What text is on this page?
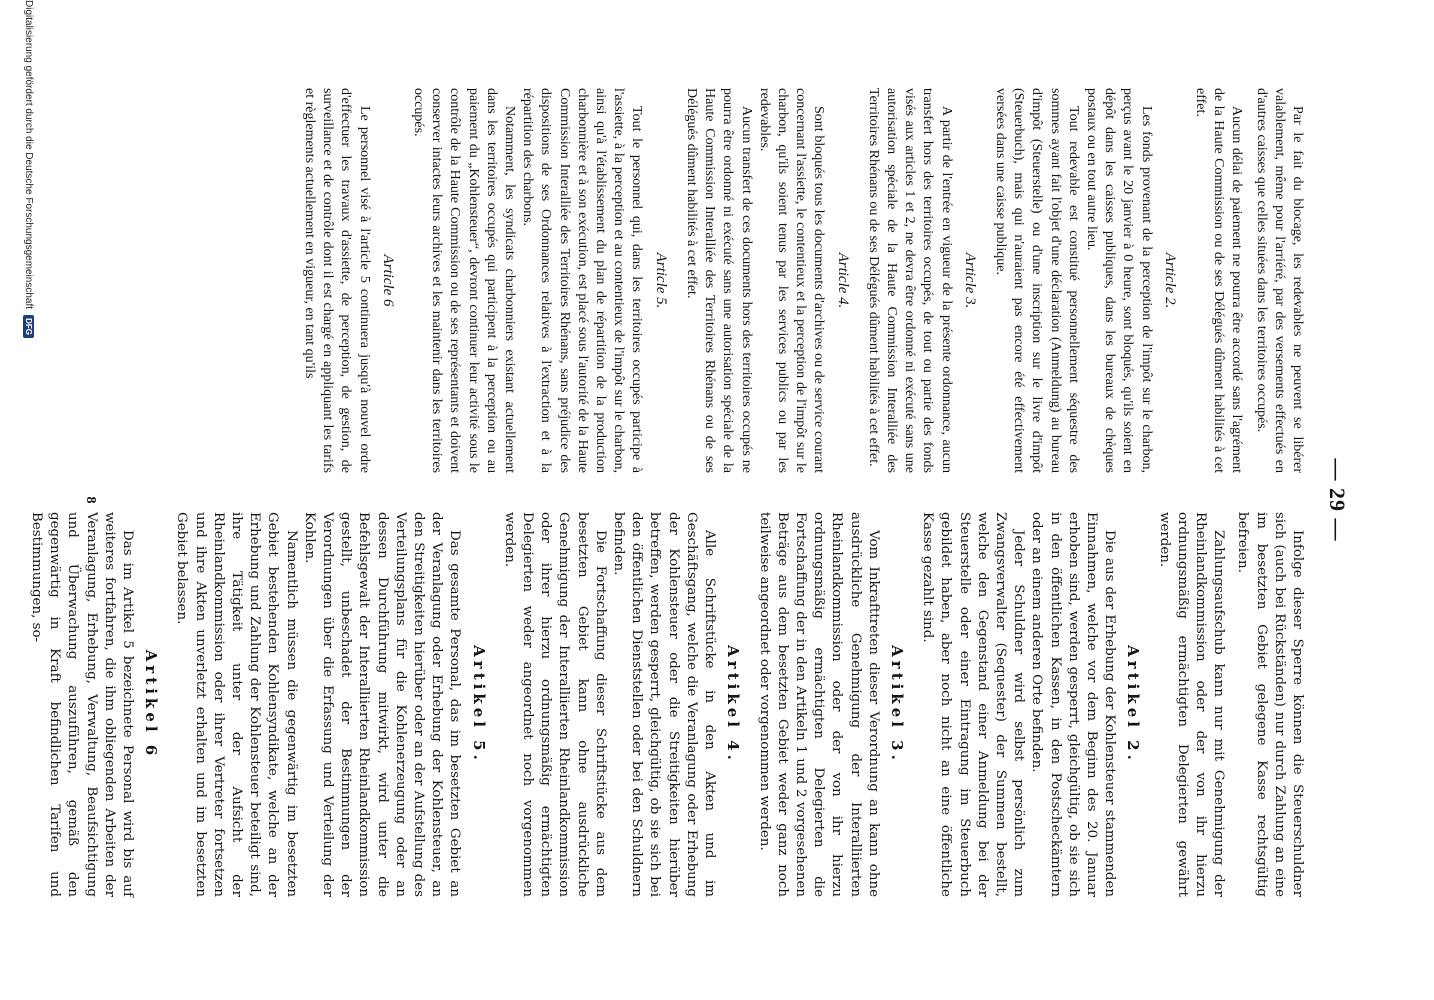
— 29 —

Par le fait du blocage, les redevables ne peuvent se libérer valablement, même pour l'arriéré, par des versements effectués en d'autres caisses que celles situées dans les territoires occupés.

Aucun délai de paiement ne pourra être accordé sans l'agrément de la Haute Commission ou de ses Délégués dûment habilités à cet effet.

Article 2.

Les fonds provenant de la perception de l'impôt sur le charbon, perçus avant le 20 janvier à 0 heure, sont bloqués, qu'ils soient en dépôt dans les caisses publiques, dans les bureaux de chèques postaux ou en tout autre lieu.

Tout redevable est constitué personnellement séquestre des sommes ayant fait l'objet d'une déclaration (Anmeldung) au bureau d'impôt (Steuerstelle) ou d'une inscription sur le livre d'impôt (Steuerbuch), mais qui n'auraient pas encore été effectivement versées dans une caisse publique.

Article 3.

A partir de l'entrée en vigueur de la présente ordonnance, aucun transfert hors des territoires occupés, de tout ou partie des fonds visés aux articles 1 et 2, ne devra être ordonné ni exécuté sans une autorisation spéciale de la Haute Commission Interalliée des Territoires Rhénans ou de ses Délégués dûment habilités à cet effet.

Article 4.

Sont bloqués tous les documents d'archives ou de service courant concernant l'assiette, le contentieux et la perception de l'impôt sur le charbon, qu'ils soient tenus par les services publics ou par les redevables.

Aucun transfert de ces documents hors des territoires occupés ne pourra être ordonné ni exécuté sans une autorisation spéciale de la Haute Commission Interalliée des Territoires Rhénans ou de ses Délégués dûment habilités à cet effet.

Article 5.

Tout le personnel qui, dans les territoires occupés participe à l'assiette, à la perception et au contentieux de l'impôt sur le charbon, ainsi qu'à l'établissement du plan de répartition de la production charbonnière et à son exécution, est placé sous l'autorité de la Haute Commission Interalliée des Territoires Rhénans, sans préjudice des dispositions de ses Ordonnances relatives à l'extraction et à la répartition des charbons.

Notamment, les syndicats charbonniers existant actuellement dans les territoires occupés qui participent à la perception ou au paiement du „Kohlensteuer“, devront continuer leur activité sous le contrôle de la Haute Commission ou de ses représentants et doivent conserver intactes leurs archives et les maintenir dans les territoires occupés.

Article 6

Le personnel visé à l'article 5 continuera jusqu'à nouvel ordre d'effectuer les travaux d'assiette, de perception, de gestion, de surveillance et de contrôle dont il est chargé en appliquant les tarifs et règlements actuellement en vigueur, en tant qu'ils

Infolge dieser Sperre können die Steuerschuldner sich (auch bei Rückständen) nur durch Zahlung an eine im besetzten Gebiet gelegene Kasse rechtsgültig befreien.

Zahlungsaufschub kann nur mit Genehmigung der Rheinlandkommission oder der von ihr hierzu ordnungsmäßig ermächtigten Delegierten gewährt werden.

Artikel 2.

Die aus der Erhebung der Kohlensteuer stammenden Einnahmen, welche vor dem Beginn des 20. Januar erhoben sind, werden gesperrt, gleichgültig, ob sie sich in den öffentlichen Kassen, in den Postscheckämtern oder an einem anderen Orte befinden.

Jeder Schuldner wird selbst persönlich zum Zwangsverwalter (Sequester) der Summen bestellt, welche den Gegenstand einer Anmeldung bei der Steuerstelle oder einer Eintragung im Steuerbuch gebildet haben, aber noch nicht an eine öffentliche Kasse gezahlt sind.

Artikel 3.

Vom Inkrafttreten dieser Verordnung an kann ohne ausdrückliche Genehmigung der Interalliierten Rheinlandkommission oder der von ihr hierzu ordnungsmäßig ermächtigten Delegierten die Fortschaffung der in den Artikeln 1 und 2 vorgesehenen Beträge aus dem besetzten Gebiet weder ganz noch teilweise angeordnet oder vorgenommen werden.

Artikel 4.

Alle Schriftstücke in den Akten und im Geschäftsgang, welche die Veranlagung oder Erhebung der Kohlensteuer oder die Streitigkeiten hierüber betreffen, werden gesperrt, gleichgültig, ob sie sich bei den öffentlichen Dienststellen oder bei den Schuldnern befinden.

Die Fortschaffung dieser Schriftstücke aus dem besetzten Gebiet kann ohne ausdrückliche Genehmigung der Interalliierten Rheinlandkommission oder ihrer hierzu ordnungsmäßig ermächtigten Delegierten weder angeordnet noch vorgenommen werden.

Artikel 5.

Das gesamte Personal, das im besetzten Gebiet an der Veranlagung oder Erhebung der Kohlensteuer, an den Streitigkeiten hierüber oder an der Aufstellung des Verteilungsplans für die Kohlenerzeugung oder an dessen Durchführung mitwirkt, wird unter die Befehlsgewalt der Interalliierten Rheinlandkommission gestellt, unbeschadet der Bestimmungen der Verordnungen über die Erfassung und Verteilung der Kohlen.

Namentlich müssen die gegenwärtig im besetzten Gebiet bestehenden Kohlensyndikate, welche an der Erhebung und Zahlung der Kohlensteuer beteiligt sind, ihre Tätigkeit unter der Aufsicht der Rheinlandkommission oder ihrer Vertreter fortsetzen und ihre Akten unverletzt erhalten und im besetzten Gebiet belassen.

Artikel 6

Das im Artikel 5 bezeichnete Personal wird bis auf weiteres fortfahren, die ihm obliegenden Arbeiten der Veranlagung, Erhebung, Verwaltung, Beaufsichtigung und Überwachung auszuführen, gemäß den gegenwärtig in Kraft befindlichen Tarifen und Bestimmungen, so-

8
Digitalisierung gefördert durch die Deutsche Forschungsgemeinschaft
DFG
